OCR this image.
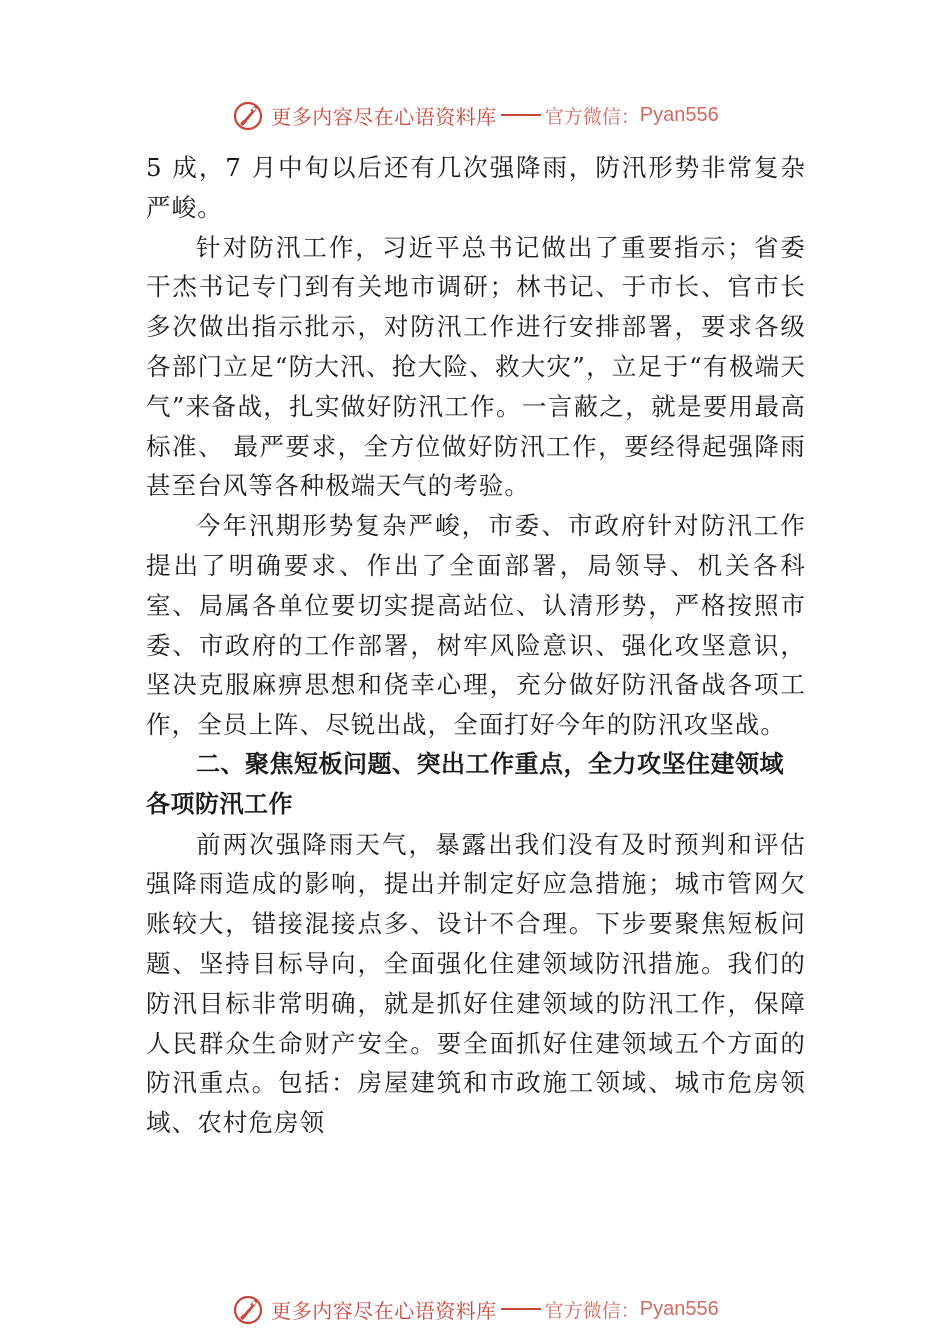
更多内容尽在心语资料库	官方微信： Pyan556

5 成，7 月中旬以后还有几次强降雨，防汛形势非常复杂严峻。

针对防汛工作，习近平总书记做出了重要指示；省委干杰书记专门到有关地市调研；林书记、于市长、官市长多次做出指示批示，对防汛工作进行安排部署，要求各级各部门立足“防大汛、抢大险、救大灾”，立足于“有极端天气”来备战，扎实做好防汛工作。一言蔽之，就是要用最高标准、 最严要求，全方位做好防汛工作，要经得起强降雨甚至台风等各种极端天气的考验。

今年汛期形势复杂严峻，市委、市政府针对防汛工作提出了明确要求、作出了全面部署，局领导、机关各科室、局属各单位要切实提高站位、认清形势，严格按照市委、市政府的工作部署，树牢风险意识、强化攻坚意识，坚决克服麻痹思想和侥幸心理，充分做好防汛备战各项工作，全员上阵、尽锐出战，全面打好今年的防汛攻坚战。

二、聚焦短板问题、突出工作重点，全力攻坚住建领域各项防汛工作

前两次强降雨天气，暴露出我们没有及时预判和评估强降雨造成的影响，提出并制定好应急措施；城市管网欠账较大，错接混接点多、设计不合理。下步要聚焦短板问题、坚持目标导向，全面强化住建领域防汛措施。我们的防汛目标非常明确，就是抓好住建领域的防汛工作，保障人民群众生命财产安全。要全面抓好住建领域五个方面的防汛重点。包括：房屋建筑和市政施工领域、城市危房领域、农村危房领

更多内容尽在心语资料库	官方微信： Pyan556
